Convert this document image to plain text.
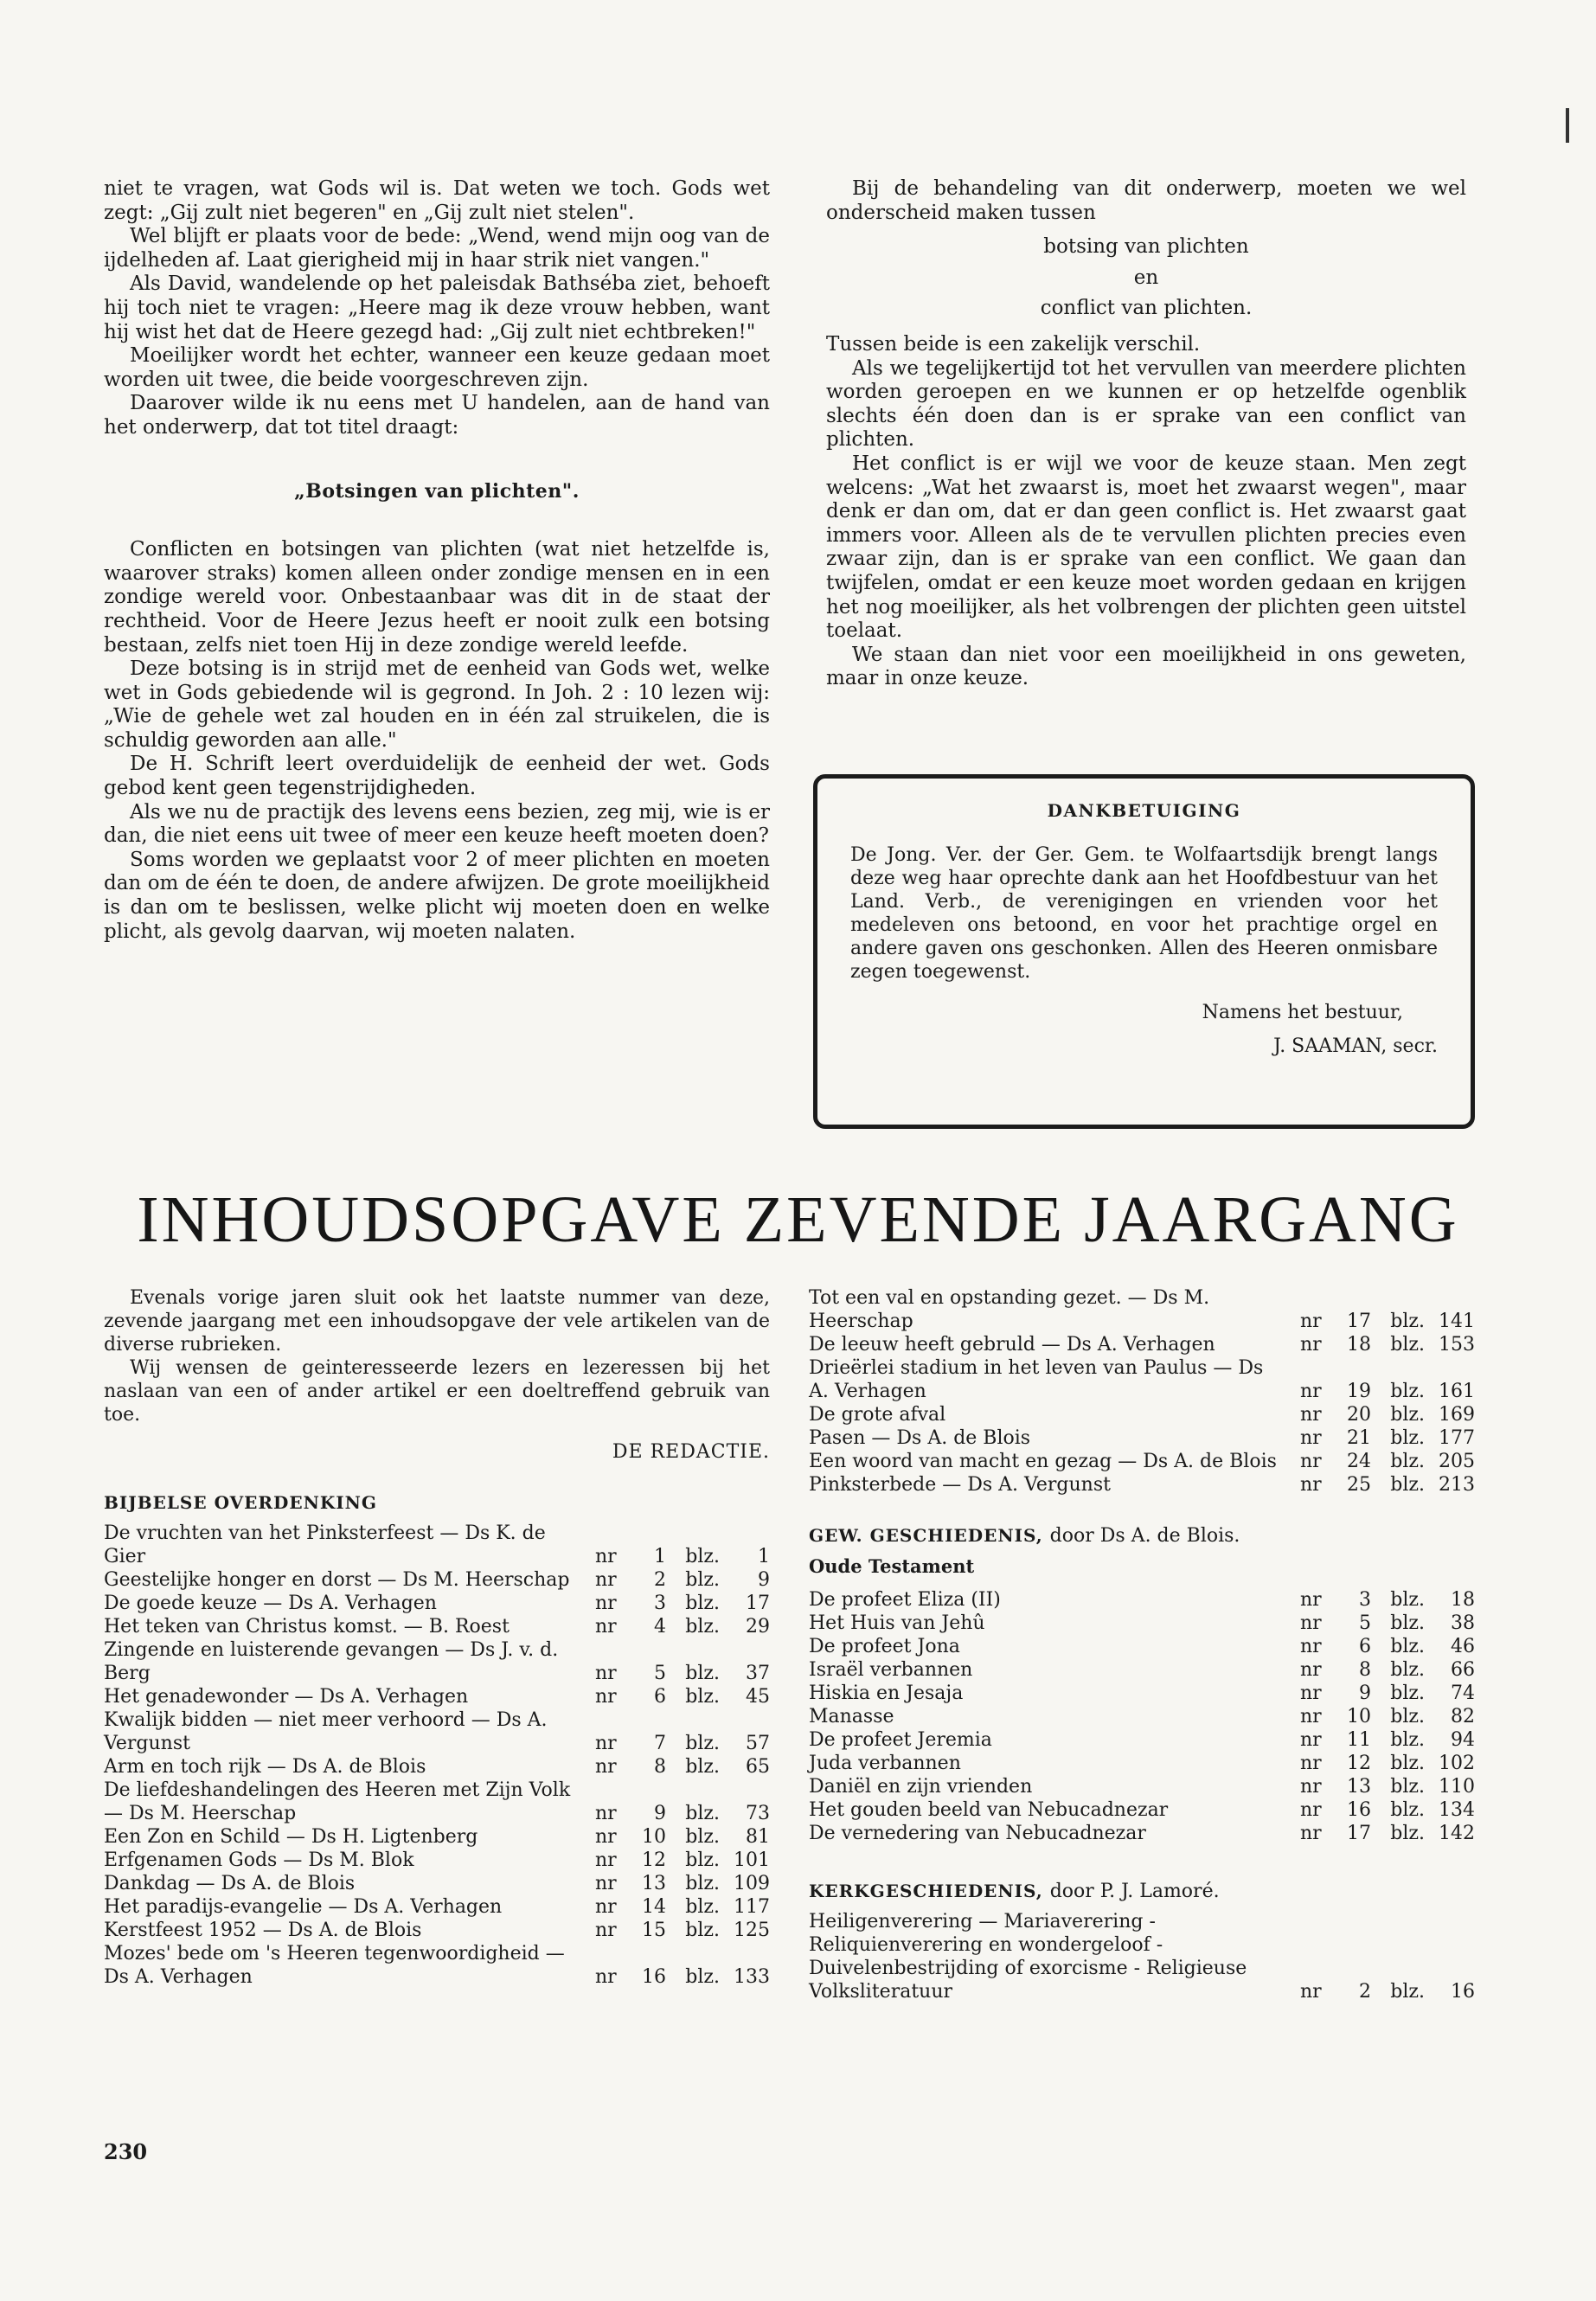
niet te vragen, wat Gods wil is. Dat weten we toch. Gods wet zegt: „Gij zult niet begeren" en „Gij zult niet stelen".

Wel blijft er plaats voor de bede: „Wend, wend mijn oog van de ijdelheden af. Laat gierigheid mij in haar strik niet vangen."

Als David, wandelende op het paleisdak Bathséba ziet, behoeft hij toch niet te vragen: „Heere mag ik deze vrouw hebben, want hij wist het dat de Heere gezegd had: „Gij zult niet echtbreken!"

Moeilijker wordt het echter, wanneer een keuze gedaan moet worden uit twee, die beide voorgeschreven zijn.

Daarover wilde ik nu eens met U handelen, aan de hand van het onderwerp, dat tot titel draagt:

„Botsingen van plichten".

Conflicten en botsingen van plichten (wat niet hetzelfde is, waarover straks) komen alleen onder zondige mensen en in een zondige wereld voor. Onbestaanbaar was dit in de staat der rechtheid. Voor de Heere Jezus heeft er nooit zulk een botsing bestaan, zelfs niet toen Hij in deze zondige wereld leefde.

Deze botsing is in strijd met de eenheid van Gods wet, welke wet in Gods gebiedende wil is gegrond. In Joh. 2 : 10 lezen wij: „Wie de gehele wet zal houden en in één zal struikelen, die is schuldig geworden aan alle."

De H. Schrift leert overduidelijk de eenheid der wet. Gods gebod kent geen tegenstrijdigheden.

Als we nu de practijk des levens eens bezien, zeg mij, wie is er dan, die niet eens uit twee of meer een keuze heeft moeten doen?

Soms worden we geplaatst voor 2 of meer plichten en moeten dan om de één te doen, de andere afwijzen. De grote moeilijkheid is dan om te beslissen, welke plicht wij moeten doen en welke plicht, als gevolg daarvan, wij moeten nalaten.

Bij de behandeling van dit onderwerp, moeten we wel onderscheid maken tussen

botsing van plichten
en
conflict van plichten.

Tussen beide is een zakelijk verschil.

Als we tegelijkertijd tot het vervullen van meerdere plichten worden geroepen en we kunnen er op hetzelfde ogenblik slechts één doen dan is er sprake van een conflict van plichten.

Het conflict is er wijl we voor de keuze staan. Men zegt welcens: „Wat het zwaarst is, moet het zwaarst wegen", maar denk er dan om, dat er dan geen conflict is. Het zwaarst gaat immers voor. Alleen als de te vervullen plichten precies even zwaar zijn, dan is er sprake van een conflict. We gaan dan twijfelen, omdat er een keuze moet worden gedaan en krijgen het nog moeilijker, als het volbrengen der plichten geen uitstel toelaat.

We staan dan niet voor een moeilijkheid in ons geweten, maar in onze keuze.

DANKBETUIGING

De Jong. Ver. der Ger. Gem. te Wolfaartsdijk brengt langs deze weg haar oprechte dank aan het Hoofdbestuur van het Land. Verb., de verenigingen en vrienden voor het medeleven ons betoond, en voor het prachtige orgel en andere gaven ons geschonken. Allen des Heeren onmisbare zegen toegewenst.

Namens het bestuur,
J. SAAMAN, secr.
INHOUDSOPGAVE ZEVENDE JAARGANG

Evenals vorige jaren sluit ook het laatste nummer van deze, zevende jaargang met een inhoudsopgave der vele artikelen van de diverse rubrieken.

Wij wensen de geinteresseerde lezers en lezeressen bij het naslaan van een of ander artikel er een doeltreffend gebruik van toe.

DE REDACTIE.
BIJBELSE OVERDENKING
De vruchten van het Pinksterfeest — Ds K. de Gier	nr	1	blz.	1
Geestelijke honger en dorst — Ds M. Heerschap	nr	2	blz.	9
De goede keuze — Ds A. Verhagen	nr	3	blz.	17
Het teken van Christus komst. — B. Roest	nr	4	blz.	29
Zingende en luisterende gevangen — Ds J. v. d. Berg	nr	5	blz.	37
Het genadewonder — Ds A. Verhagen	nr	6	blz.	45
Kwalijk bidden — niet meer verhoord — Ds A. Vergunst	nr	7	blz.	57
Arm en toch rijk — Ds A. de Blois	nr	8	blz.	65
De liefdeshandelingen des Heeren met Zijn Volk — Ds M. Heerschap	nr	9	blz.	73
Een Zon en Schild — Ds H. Ligtenberg	nr	10	blz.	81
Erfgenamen Gods — Ds M. Blok	nr	12	blz. 101
Dankdag — Ds A. de Blois	nr	13	blz. 109
Het paradijs-evangelie — Ds A. Verhagen	nr	14	blz. 117
Kerstfeest 1952 — Ds A. de Blois	nr	15	blz. 125
Mozes' bede om 's Heeren tegenwoordigheid — Ds A. Verhagen	nr	16	blz. 133
Tot een val en opstanding gezet. — Ds M. Heerschap	nr	17	blz. 141
De leeuw heeft gebruld — Ds A. Verhagen	nr	18	blz. 153
Drieërlei stadium in het leven van Paulus — Ds A. Verhagen	nr	19	blz. 161
De grote afval	nr	20	blz. 169
Pasen — Ds A. de Blois	nr	21	blz. 177
Een woord van macht en gezag — Ds A. de Blois	nr	24	blz. 205
Pinksterbede — Ds A. Vergunst	nr	25	blz. 213
GEW. GESCHIEDENIS, door Ds A. de Blois.
Oude Testament
De profeet Eliza (II)	nr	3	blz.	18
Het Huis van Jehû	nr	5	blz.	38
De profeet Jona	nr	6	blz.	46
Israël verbannen	nr	8	blz.	66
Hiskia en Jesaja	nr	9	blz.	74
Manasse	nr	10	blz.	82
De profeet Jeremia	nr	11	blz.	94
Juda verbannen	nr	12	blz. 102
Daniël en zijn vrienden	nr	13	blz. 110
Het gouden beeld van Nebucadnezar	nr	16	blz. 134
De vernedering van Nebucadnezar	nr	17	blz. 142
KERKGESCHIEDENIS, door P. J. Lamoré.
Heiligenverering — Mariaverering - Reliquienverering en wondergeloof - Duivelenbestrijding of exorcisme - Religieuse Volksliteratuur	nr	2	blz.	16
230
